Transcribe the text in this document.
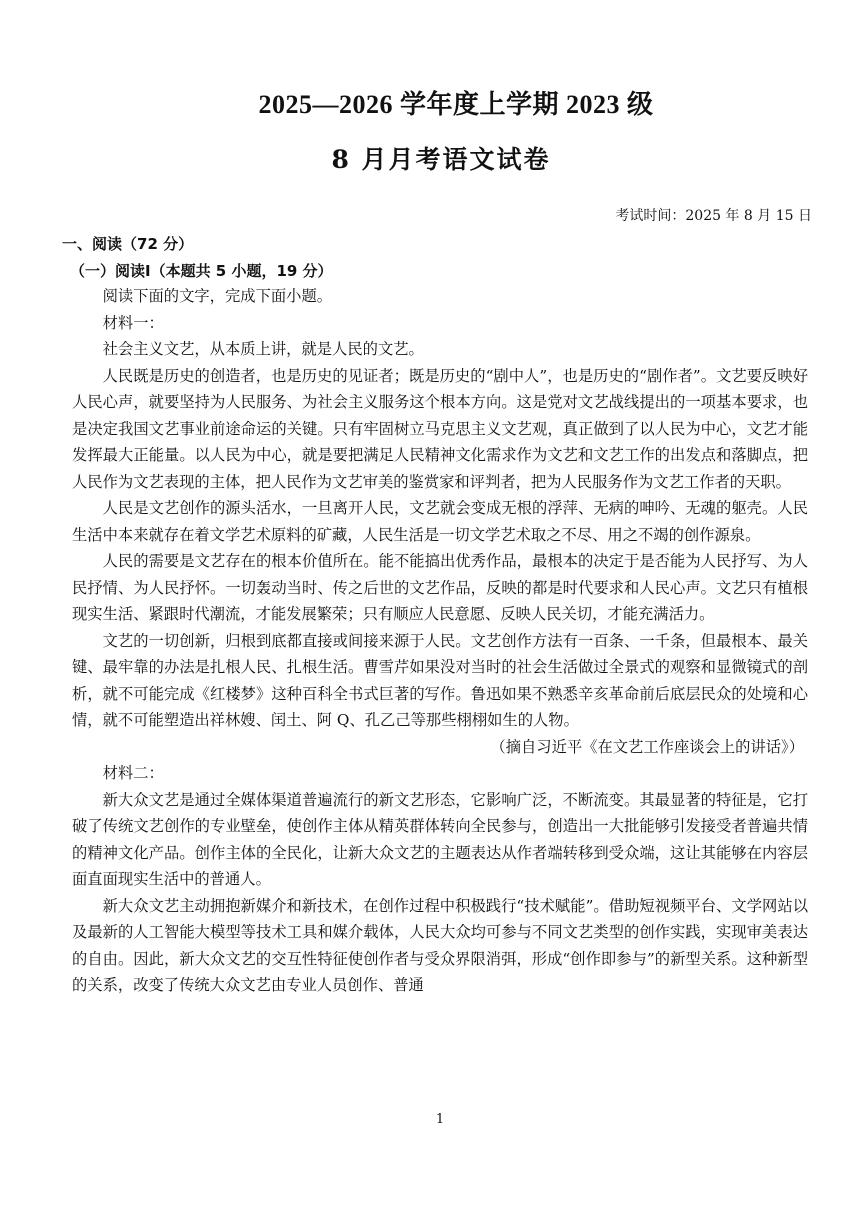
2025—2026 学年度上学期 2023 级
8 月月考语文试卷
考试时间：2025 年 8 月 15 日
一、阅读（72 分）
（一）阅读Ⅰ（本题共 5 小题，19 分）

阅读下面的文字，完成下面小题。

材料一：

社会主义文艺，从本质上讲，就是人民的文艺。

人民既是历史的创造者，也是历史的见证者；既是历史的“剧中人”，也是历史的“剧作者”。文艺要反映好人民心声，就要坚持为人民服务、为社会主义服务这个根本方向。这是党对文艺战线提出的一项基本要求，也是决定我国文艺事业前途命运的关键。只有牢固树立马克思主义文艺观，真正做到了以人民为中心，文艺才能发挥最大正能量。以人民为中心，就是要把满足人民精神文化需求作为文艺和文艺工作的出发点和落脚点，把人民作为文艺表现的主体，把人民作为文艺审美的鉴赏家和评判者，把为人民服务作为文艺工作者的天职。

人民是文艺创作的源头活水，一旦离开人民，文艺就会变成无根的浮萍、无病的呻吟、无魂的躯壳。人民生活中本来就存在着文学艺术原料的矿藏，人民生活是一切文学艺术取之不尽、用之不竭的创作源泉。

人民的需要是文艺存在的根本价值所在。能不能搞出优秀作品，最根本的决定于是否能为人民抒写、为人民抒情、为人民抒怀。一切轰动当时、传之后世的文艺作品，反映的都是时代要求和人民心声。文艺只有植根现实生活、紧跟时代潮流，才能发展繁荣；只有顺应人民意愿、反映人民关切，才能充满活力。

文艺的一切创新，归根到底都直接或间接来源于人民。文艺创作方法有一百条、一千条，但最根本、最关键、最牢靠的办法是扎根人民、扎根生活。曹雪芹如果没对当时的社会生活做过全景式的观察和显微镜式的剖析，就不可能完成《红楼梦》这种百科全书式巨著的写作。鲁迅如果不熟悉辛亥革命前后底层民众的处境和心情，就不可能塑造出祥林嫂、闰土、阿 Q、孔乙己等那些栩栩如生的人物。

（摘自习近平《在文艺工作座谈会上的讲话》）

材料二：

新大众文艺是通过全媒体渠道普遍流行的新文艺形态，它影响广泛，不断流变。其最显著的特征是，它打破了传统文艺创作的专业壁垒，使创作主体从精英群体转向全民参与，创造出一大批能够引发接受者普遍共情的精神文化产品。创作主体的全民化，让新大众文艺的主题表达从作者端转移到受众端，这让其能够在内容层面直面现实生活中的普通人。

新大众文艺主动拥抱新媒介和新技术，在创作过程中积极践行“技术赋能”。借助短视频平台、文学网站以及最新的人工智能大模型等技术工具和媒介载体，人民大众均可参与不同文艺类型的创作实践，实现审美表达的自由。因此，新大众文艺的交互性特征使创作者与受众界限消弭，形成“创作即参与”的新型关系。这种新型的关系，改变了传统大众文艺由专业人员创作、普通

1
